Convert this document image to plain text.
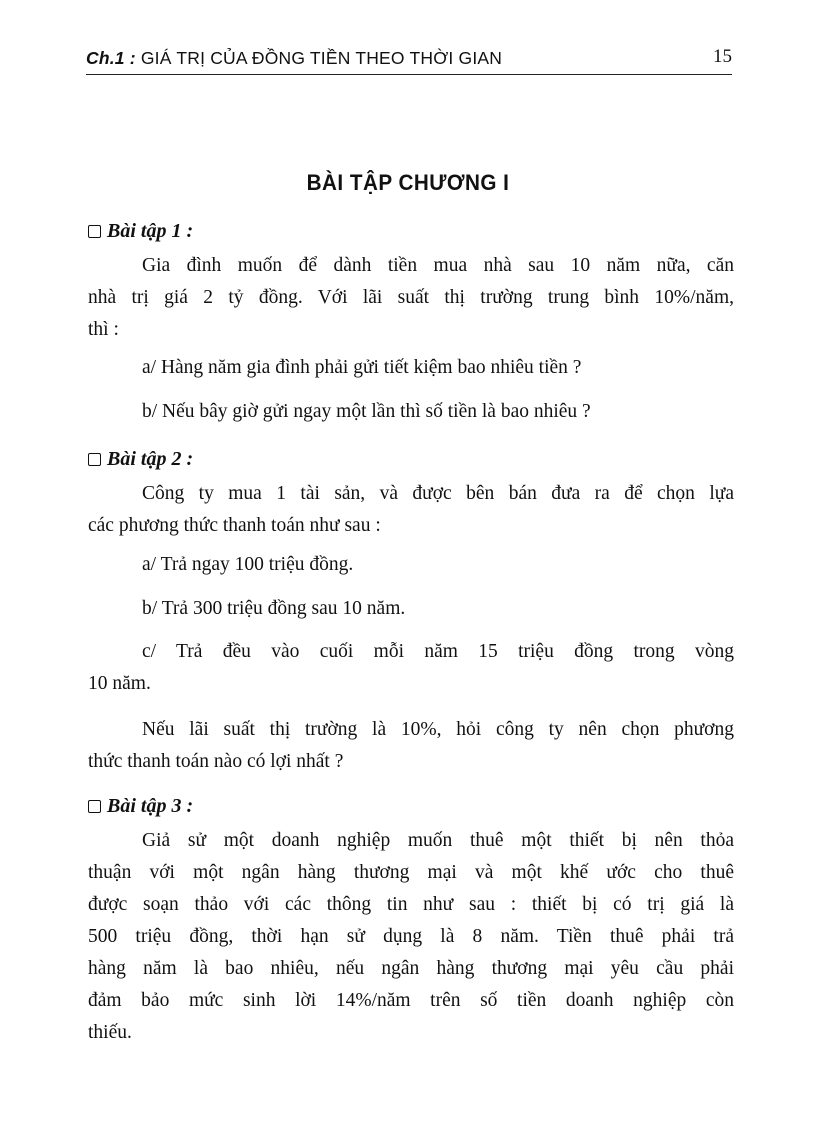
Ch.1 : GIÁ TRỊ CỦA ĐỒNG TIỀN THEO THỜI GIAN	15
BÀI TẬP CHƯƠNG I
Bài tập 1 :
Gia đình muốn để dành tiền mua nhà sau 10 năm nữa, căn
nhà trị giá 2 tỷ đồng. Với lãi suất thị trường trung bình 10%/năm,
thì :
a/ Hàng năm gia đình phải gửi tiết kiệm bao nhiêu tiền ?
b/ Nếu bây giờ gửi ngay một lần thì số tiền là bao nhiêu ?
Bài tập 2 :
Công ty mua 1 tài sản, và được bên bán đưa ra để chọn lựa
các phương thức thanh toán như sau :
a/ Trả ngay 100 triệu đồng.
b/ Trả 300 triệu đồng sau 10 năm.
c/ Trả đều vào cuối mỗi năm 15 triệu đồng trong vòng
10 năm.
Nếu lãi suất thị trường là 10%, hỏi công ty nên chọn phương
thức thanh toán nào có lợi nhất ?
Bài tập 3 :
Giả sử một doanh nghiệp muốn thuê một thiết bị nên thỏa
thuận với một ngân hàng thương mại và một khế ước cho thuê
được soạn thảo với các thông tin như sau : thiết bị có trị giá là
500 triệu đồng, thời hạn sử dụng là 8 năm. Tiền thuê phải trả
hàng năm là bao nhiêu, nếu ngân hàng thương mại yêu cầu phải
đảm bảo mức sinh lời 14%/năm trên số tiền doanh nghiệp còn
thiếu.
